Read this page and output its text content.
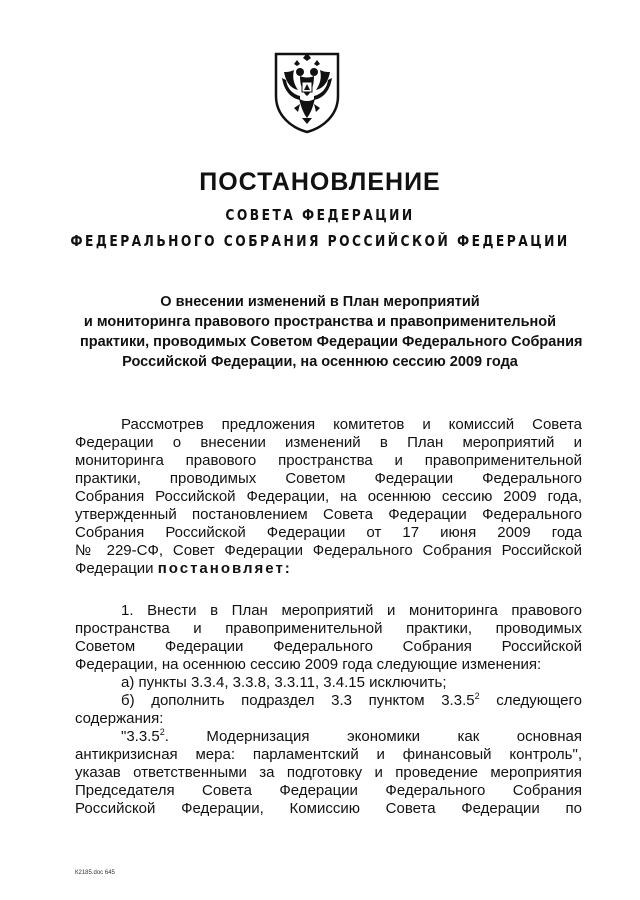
ПОСТАНОВЛЕНИЕ
СОВЕТА ФЕДЕРАЦИИ
ФЕДЕРАЛЬНОГО СОБРАНИЯ РОССИЙСКОЙ ФЕДЕРАЦИИ
О внесении изменений в План мероприятий
и мониторинга правового пространства и правоприменительной
практики, проводимых Советом Федерации Федерального Собрания
Российской Федерации, на осеннюю сессию 2009 года
Рассмотрев предложения комитетов и комиссий Совета
Федерации о внесении изменений в План мероприятий и
мониторинга правового пространства и правоприменительной
практики, проводимых Советом Федерации Федерального
Собрания Российской Федерации, на осеннюю сессию 2009 года,
утвержденный постановлением Совета Федерации Федерального
Собрания Российской Федерации от 17 июня 2009 года
№ 229-СФ, Совет Федерации Федерального Собрания Российской
Федерации постановляет:
1. Внести в План мероприятий и мониторинга правового
пространства и правоприменительной практики, проводимых
Советом Федерации Федерального Собрания Российской
Федерации, на осеннюю сессию 2009 года следующие изменения:
а) пункты 3.3.4, 3.3.8, 3.3.11, 3.4.15 исключить;
б) дополнить подраздел 3.3 пунктом 3.3.5$^2$ следующего
содержания:
"3.3.5$^2$. Модернизация экономики как основная
антикризисная мера: парламентский и финансовый контроль",
указав ответственными за подготовку и проведение мероприятия
Председателя Совета Федерации Федерального Собрания
Российской Федерации, Комиссию Совета Федерации по
К2185.doc 645
